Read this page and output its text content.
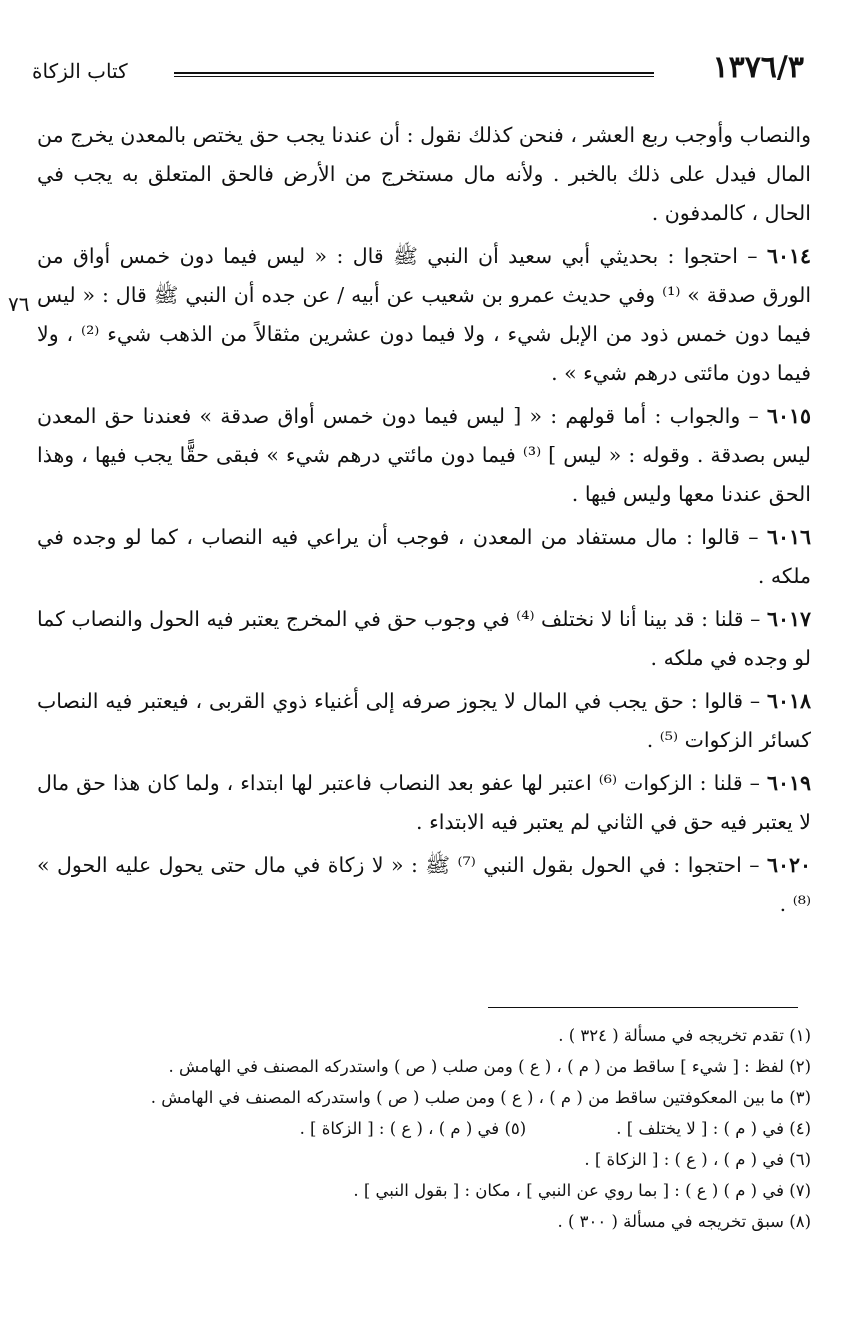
١٣٧٦/٣
كتاب الزكاة
٧٦

والنصاب وأوجب ربع العشر ، فنحن كذلك نقول : أن عندنا يجب حق يختص بالمعدن يخرج من المال فيدل على ذلك بالخبر . ولأنه مال مستخرج من الأرض فالحق المتعلق به يجب في الحال ، كالمدفون .

٦٠١٤ – احتجوا : بحديثي أبي سعيد أن النبي ﷺ قال : « ليس فيما دون خمس أواق من الورق صدقة » ⁽¹⁾ وفي حديث عمرو بن شعيب عن أبيه / عن جده أن النبي ﷺ قال : « ليس فيما دون خمس ذود من الإبل شيء ، ولا فيما دون عشرين مثقالاً من الذهب شيء ⁽²⁾ ، ولا فيما دون مائتى درهم شيء » .

٦٠١٥ – والجواب : أما قولهم : « [ ليس فيما دون خمس أواق صدقة » فعندنا حق المعدن ليس بصدقة . وقوله : « ليس ] ⁽³⁾ فيما دون مائتي درهم شيء » فبقى حقًّا يجب فيها ، وهذا الحق عندنا معها وليس فيها .

٦٠١٦ – قالوا : مال مستفاد من المعدن ، فوجب أن يراعي فيه النصاب ، كما لو وجده في ملكه .

٦٠١٧ – قلنا : قد بينا أنا لا نختلف ⁽⁴⁾ في وجوب حق في المخرج يعتبر فيه الحول والنصاب كما لو وجده في ملكه .

٦٠١٨ – قالوا : حق يجب في المال لا يجوز صرفه إلى أغنياء ذوي القربى ، فيعتبر فيه النصاب كسائر الزكوات ⁽⁵⁾ .

٦٠١٩ – قلنا : الزكوات ⁽⁶⁾ اعتبر لها عفو بعد النصاب فاعتبر لها ابتداء ، ولما كان هذا حق مال لا يعتبر فيه حق في الثاني لم يعتبر فيه الابتداء .

٦٠٢٠ – احتجوا : في الحول بقول النبي ⁽⁷⁾ ﷺ : « لا زكاة في مال حتى يحول عليه الحول » ⁽⁸⁾ .

(١) تقدم تخريجه في مسألة ( ٣٢٤ ) .

(٢) لفظ : [ شيء ] ساقط من ( م ) ، ( ع ) ومن صلب ( ص ) واستدركه المصنف في الهامش .

(٣) ما بين المعكوفتين ساقط من ( م ) ، ( ع ) ومن صلب ( ص ) واستدركه المصنف في الهامش .

(٤) في ( م ) : [ لا يختلف ] .
(٥) في ( م ) ، ( ع ) : [ الزكاة ] .

(٦) في ( م ) ، ( ع ) : [ الزكاة ] .

(٧) في ( م ) ( ع ) : [ بما روي عن النبي ] ، مكان : [ بقول النبي ] .

(٨) سبق تخريجه في مسألة ( ٣٠٠ ) .
